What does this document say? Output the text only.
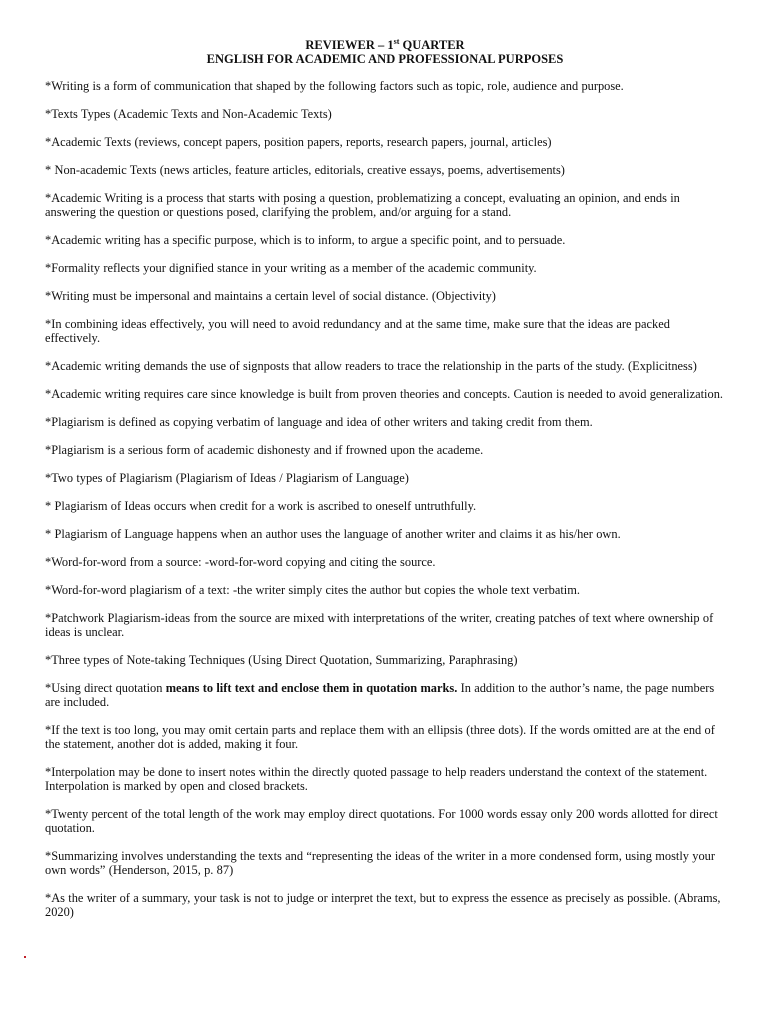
REVIEWER – 1st QUARTER
ENGLISH FOR ACADEMIC AND PROFESSIONAL PURPOSES

*Writing is a form of communication that shaped by the following factors such as topic, role, audience and purpose.

*Texts Types (Academic Texts and Non-Academic Texts)

*Academic Texts (reviews, concept papers, position papers, reports, research papers, journal, articles)

* Non-academic Texts (news articles, feature articles, editorials, creative essays, poems, advertisements)

*Academic Writing is a process that starts with posing a question, problematizing a concept, evaluating an opinion, and ends in answering the question or questions posed, clarifying the problem, and/or arguing for a stand.

*Academic writing has a specific purpose, which is to inform, to argue a specific point, and to persuade.

*Formality reflects your dignified stance in your writing as a member of the academic community.

*Writing must be impersonal and maintains a certain level of social distance. (Objectivity)

*In combining ideas effectively, you will need to avoid redundancy and at the same time, make sure that the ideas are packed effectively.

*Academic writing demands the use of signposts that allow readers to trace the relationship in the parts of the study. (Explicitness)

*Academic writing requires care since knowledge is built from proven theories and concepts. Caution is needed to avoid generalization.

*Plagiarism is defined as copying verbatim of language and idea of other writers and taking credit from them.

*Plagiarism is a serious form of academic dishonesty and if frowned upon the academe.

*Two types of Plagiarism (Plagiarism of Ideas / Plagiarism of Language)

* Plagiarism of Ideas occurs when credit for a work is ascribed to oneself untruthfully.

* Plagiarism of Language happens when an author uses the language of another writer and claims it as his/her own.

*Word-for-word from a source: -word-for-word copying and citing the source.

*Word-for-word plagiarism of a text: -the writer simply cites the author but copies the whole text verbatim.

*Patchwork Plagiarism-ideas from the source are mixed with interpretations of the writer, creating patches of text where ownership of ideas is unclear.

*Three types of Note-taking Techniques (Using Direct Quotation, Summarizing, Paraphrasing)

*Using direct quotation means to lift text and enclose them in quotation marks. In addition to the author’s name, the page numbers are included.

*If the text is too long, you may omit certain parts and replace them with an ellipsis (three dots). If the words omitted are at the end of the statement, another dot is added, making it four.

*Interpolation may be done to insert notes within the directly quoted passage to help readers understand the context of the statement. Interpolation is marked by open and closed brackets.

*Twenty percent of the total length of the work may employ direct quotations. For 1000 words essay only 200 words allotted for direct quotation.

*Summarizing involves understanding the texts and “representing the ideas of the writer in a more condensed form, using mostly your own words” (Henderson, 2015, p. 87)

*As the writer of a summary, your task is not to judge or interpret the text, but to express the essence as precisely as possible. (Abrams, 2020)
